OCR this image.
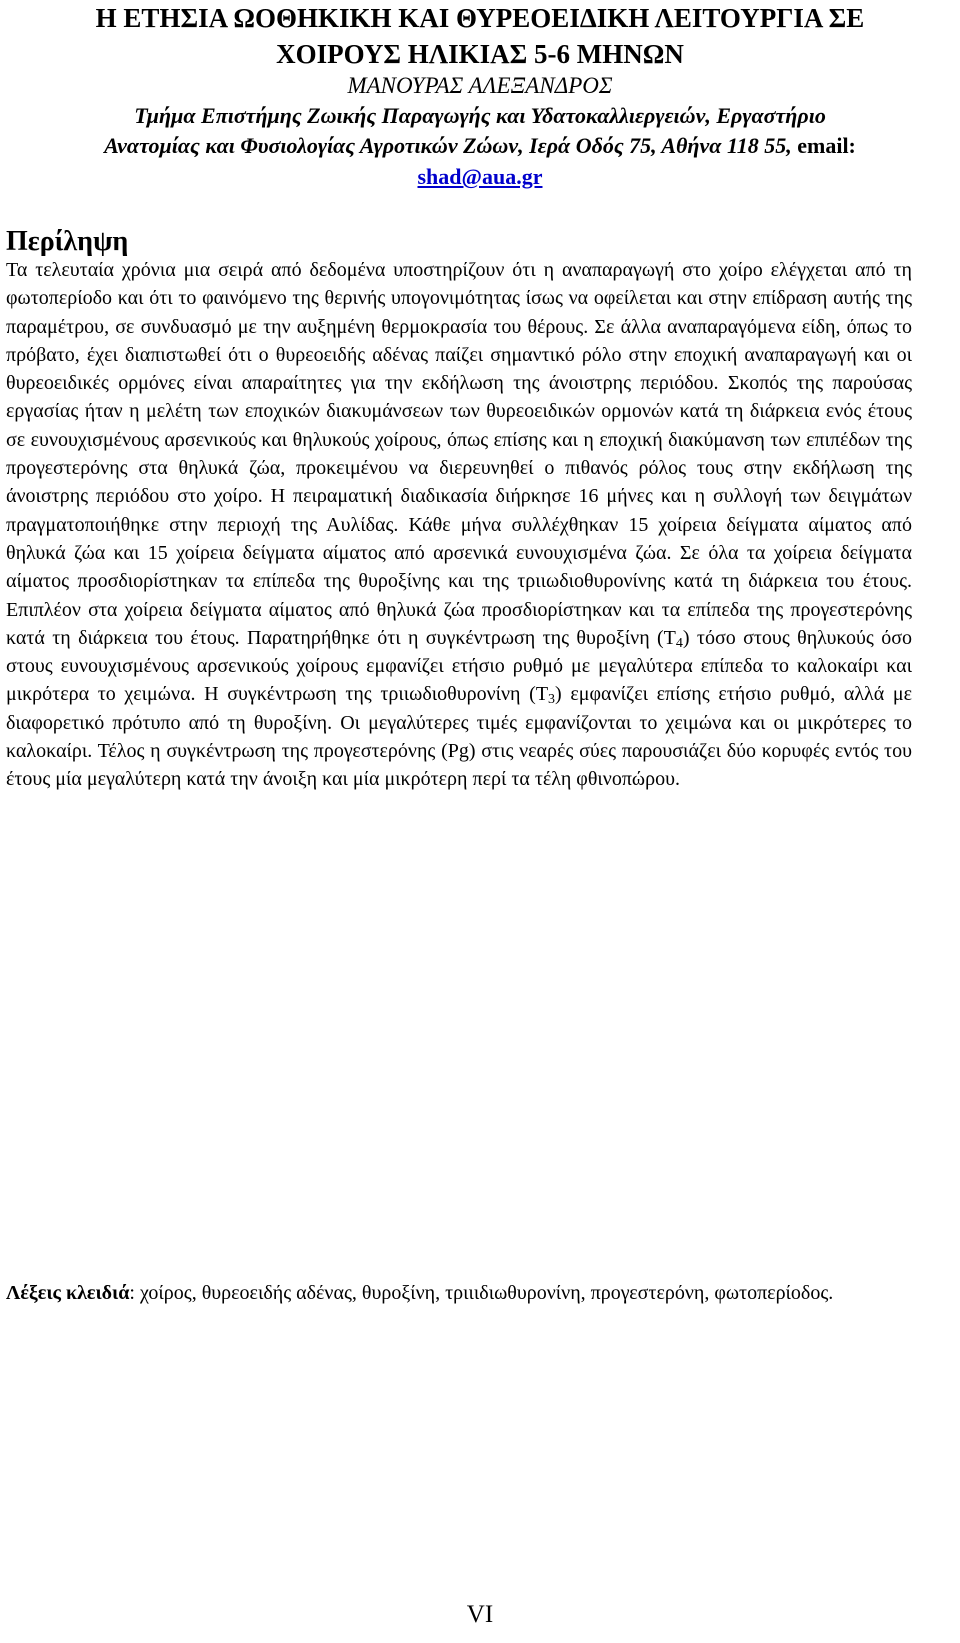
Η ΕΤΗΣΙΑ ΩΟΘΗΚΙΚΗ ΚΑΙ ΘΥΡΕΟΕΙΔΙΚΗ ΛΕΙΤΟΥΡΓΙΑ ΣΕ
ΧΟΙΡΟΥΣ ΗΛΙΚΙΑΣ 5-6 ΜΗΝΩΝ
ΜΑΝΟΥΡΑΣ ΑΛΕΞΑΝΔΡΟΣ
Τμήμα Επιστήμης Ζωικής Παραγωγής και Υδατοκαλλιεργειών, Εργαστήριο
Ανατομίας και Φυσιολογίας Αγροτικών Ζώων, Ιερά Οδός 75, Αθήνα 118 55, email:
shad@aua.gr
Περίληψη
Τα τελευταία χρόνια μια σειρά από δεδομένα υποστηρίζουν ότι η αναπαραγωγή στο χοίρο ελέγχεται από τη φωτοπερίοδο και ότι το φαινόμενο της θερινής υπογονιμότητας ίσως να οφείλεται και στην επίδραση αυτής της παραμέτρου, σε συνδυασμό με την αυξημένη θερμοκρασία του θέρους. Σε άλλα αναπαραγόμενα είδη, όπως το πρόβατο, έχει διαπιστωθεί ότι ο θυρεοειδής αδένας παίζει σημαντικό ρόλο στην εποχική αναπαραγωγή και οι θυρεοειδικές ορμόνες είναι απαραίτητες για την εκδήλωση της άνοιστρης περιόδου. Σκοπός της παρούσας εργασίας ήταν η μελέτη των εποχικών διακυμάνσεων των θυρεοειδικών ορμονών κατά τη διάρκεια ενός έτους σε ευνουχισμένους αρσενικούς και θηλυκούς χοίρους, όπως επίσης και η εποχική διακύμανση των επιπέδων της προγεστερόνης στα θηλυκά ζώα, προκειμένου να διερευνηθεί ο πιθανός ρόλος τους στην εκδήλωση της άνοιστρης περιόδου στο χοίρο. Η πειραματική διαδικασία διήρκησε 16 μήνες και η συλλογή των δειγμάτων πραγματοποιήθηκε στην περιοχή της Αυλίδας. Κάθε μήνα συλλέχθηκαν 15 χοίρεια δείγματα αίματος από θηλυκά ζώα και 15 χοίρεια δείγματα αίματος από αρσενικά ευνουχισμένα ζώα. Σε όλα τα χοίρεια δείγματα αίματος προσδιορίστηκαν τα επίπεδα της θυροξίνης και της τριιωδιοθυρονίνης κατά τη διάρκεια του έτους. Επιπλέον στα χοίρεια δείγματα αίματος από θηλυκά ζώα προσδιορίστηκαν και τα επίπεδα της προγεστερόνης κατά τη διάρκεια του έτους. Παρατηρήθηκε ότι η συγκέντρωση της θυροξίνη $(T_4)$ τόσο στους θηλυκούς όσο στους ευνουχισμένους αρσενικούς χοίρους εμφανίζει ετήσιο ρυθμό με μεγαλύτερα επίπεδα το καλοκαίρι και μικρότερα το χειμώνα. Η συγκέντρωση της τριιωδιοθυρονίνη $(T_3)$ εμφανίζει επίσης ετήσιο ρυθμό, αλλά με διαφορετικό πρότυπο από τη θυροξίνη. Οι μεγαλύτερες τιμές εμφανίζονται το χειμώνα και οι μικρότερες το καλοκαίρι. Τέλος η συγκέντρωση της προγεστερόνης (Pg) στις νεαρές σύες παρουσιάζει δύο κορυφές εντός του έτους μία μεγαλύτερη κατά την άνοιξη και μία μικρότερη περί τα τέλη φθινοπώρου.
Λέξεις κλειδιά: χοίρος, θυρεοειδής αδένας, θυροξίνη, τριιιδιωθυρονίνη, προγεστερόνη, φωτοπερίοδος.
VI
